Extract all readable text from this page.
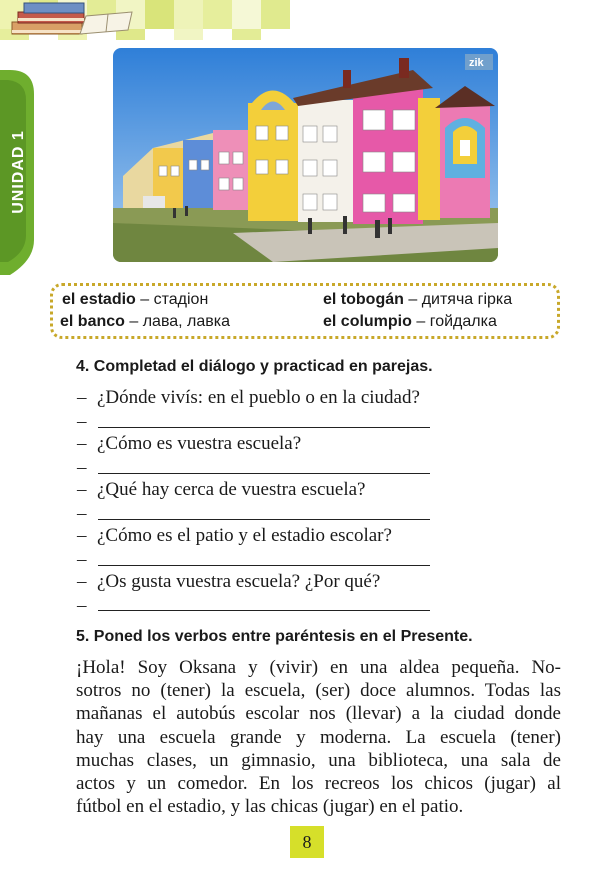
UNIDAD 1
zik
el estadio – стадіон	el tobogán – дитяча гірка
el banco – лава, лавка	el columpio – гойдалка
4. Completad el diálogo y practicad en parejas.
– ¿Dónde vivís: en el pueblo o en la ciudad?
–
– ¿Cómo es vuestra escuela?
–
– ¿Qué hay cerca de vuestra escuela?
–
– ¿Cómo es el patio y el estadio escolar?
–
– ¿Os gusta vuestra escuela? ¿Por qué?
–
5. Poned los verbos entre paréntesis en el Presente.
¡Hola! Soy Oksana y (vivir) en una aldea pequeña. No-
sotros no (tener) la escuela, (ser) doce alumnos. Todas las
mañanas el autobús escolar nos (llevar) a la ciudad donde
hay una escuela grande y moderna. La escuela (tener)
muchas clases, un gimnasio, una biblioteca, una sala de
actos y un comedor. En los recreos los chicos (jugar) al
fútbol en el estadio, y las chicas (jugar) en el patio.
8
